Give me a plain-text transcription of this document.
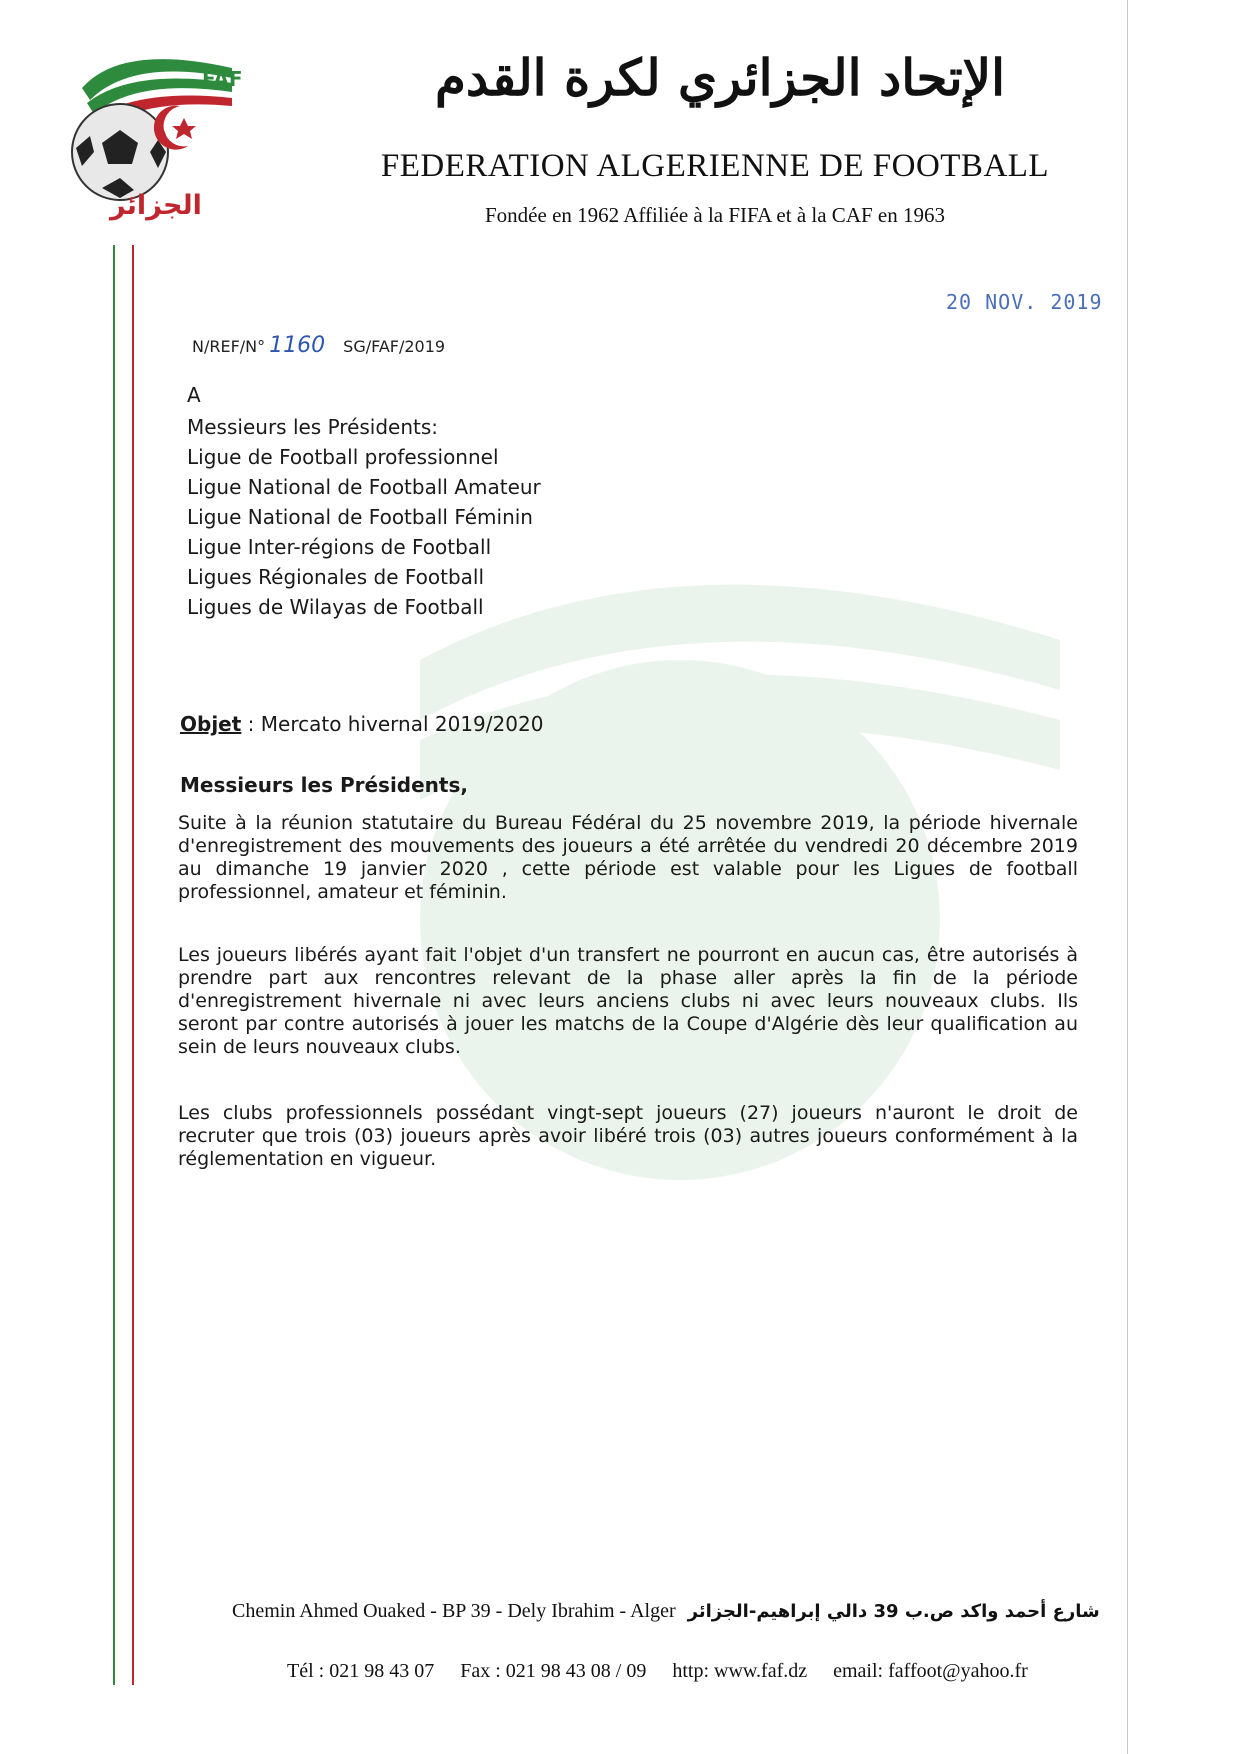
FAF
الجزائر
الإتحاد الجزائري لكرة القدم
FEDERATION ALGERIENNE DE FOOTBALL
Fondée en 1962 Affiliée à la FIFA et à la CAF en 1963
20 NOV. 2019
N/REF/N° 1160 SG/FAF/2019
A
Messieurs les Présidents:
Ligue de Football professionnel
Ligue National de Football Amateur
Ligue National de Football Féminin
Ligue Inter-régions de Football
Ligues Régionales de Football
Ligues de Wilayas de Football
Objet : Mercato hivernal 2019/2020
Messieurs les Présidents,
Suite à la réunion statutaire du Bureau Fédéral du 25 novembre 2019, la période hivernale d'enregistrement des mouvements des joueurs a été arrêtée du vendredi 20 décembre 2019 au dimanche 19 janvier 2020 , cette période est valable pour les Ligues de football professionnel, amateur et féminin.
Les joueurs libérés ayant fait l'objet d'un transfert ne pourront en aucun cas, être autorisés à prendre part aux rencontres relevant de la phase aller après la fin de la période d'enregistrement hivernale ni avec leurs anciens clubs ni avec leurs nouveaux clubs. Ils seront par contre autorisés à jouer les matchs de la Coupe d'Algérie dès leur qualification au sein de leurs nouveaux clubs.
Les clubs professionnels possédant vingt-sept joueurs (27) joueurs n'auront le droit de recruter que trois (03) joueurs après avoir libéré trois (03) autres joueurs conformément à la réglementation en vigueur.
Chemin Ahmed Ouaked - BP 39 - Dely Ibrahim - Alger شارع أحمد واكد ص.ب 39 دالي إبراهيم-الجزائر
Tél : 021 98 43 07 Fax : 021 98 43 08 / 09 http: www.faf.dz email: faffoot@yahoo.fr
